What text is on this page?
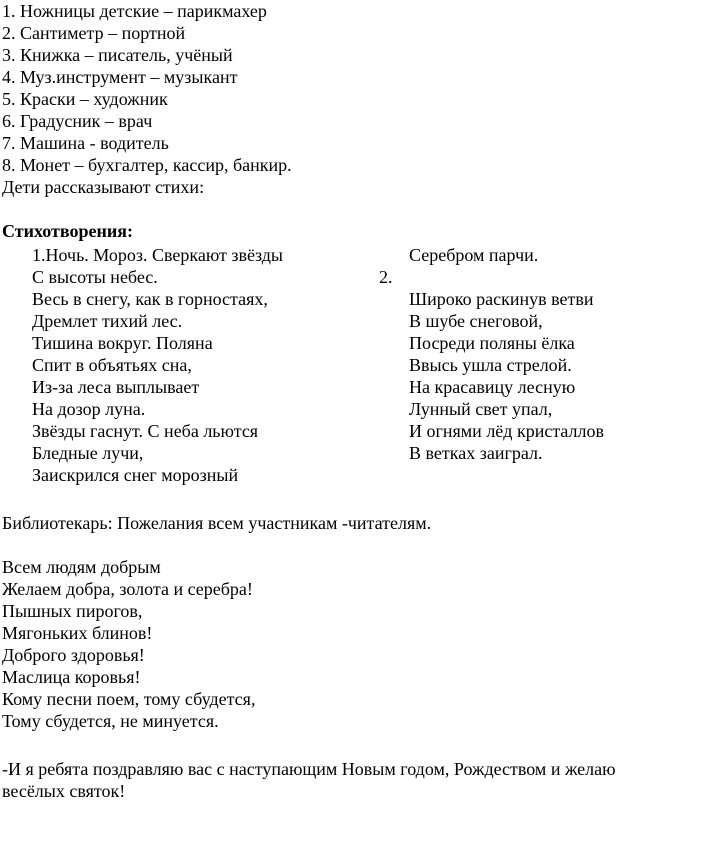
1. Ножницы детские – парикмахер
2. Сантиметр – портной
3. Книжка – писатель, учёный
4. Муз.инструмент – музыкант
5. Краски – художник
6. Градусник – врач
7. Машина - водитель
8. Монет – бухгалтер, кассир, банкир.
Дети рассказывают стихи:
Стихотворения:
1.Ночь. Мороз. Сверкают звёзды
С высоты небес.
Весь в снегу, как в горностаях,
Дремлет тихий лес.
Тишина вокруг. Поляна
Спит в объятьях сна,
Из-за леса выплывает
На дозор луна.
Звёзды гаснут. С неба льются
Бледные лучи,
Заискрился снег морозный
2.
Серебром парчи.
Широко раскинув ветви
В шубе снеговой,
Посреди поляны ёлка
Ввысь ушла стрелой.
На красавицу лесную
Лунный свет упал,
И огнями лёд кристаллов
В ветках заиграл.
Библиотекарь: Пожелания всем участникам -читателям.
Всем людям добрым
Желаем добра, золота и серебра!
Пышных пирогов,
Мягоньких блинов!
Доброго здоровья!
Маслица коровья!
Кому песни поем, тому сбудется,
Тому сбудется, не минуется.
-И я ребята поздравляю вас с наступающим Новым годом, Рождеством и желаю
весёлых святок!
